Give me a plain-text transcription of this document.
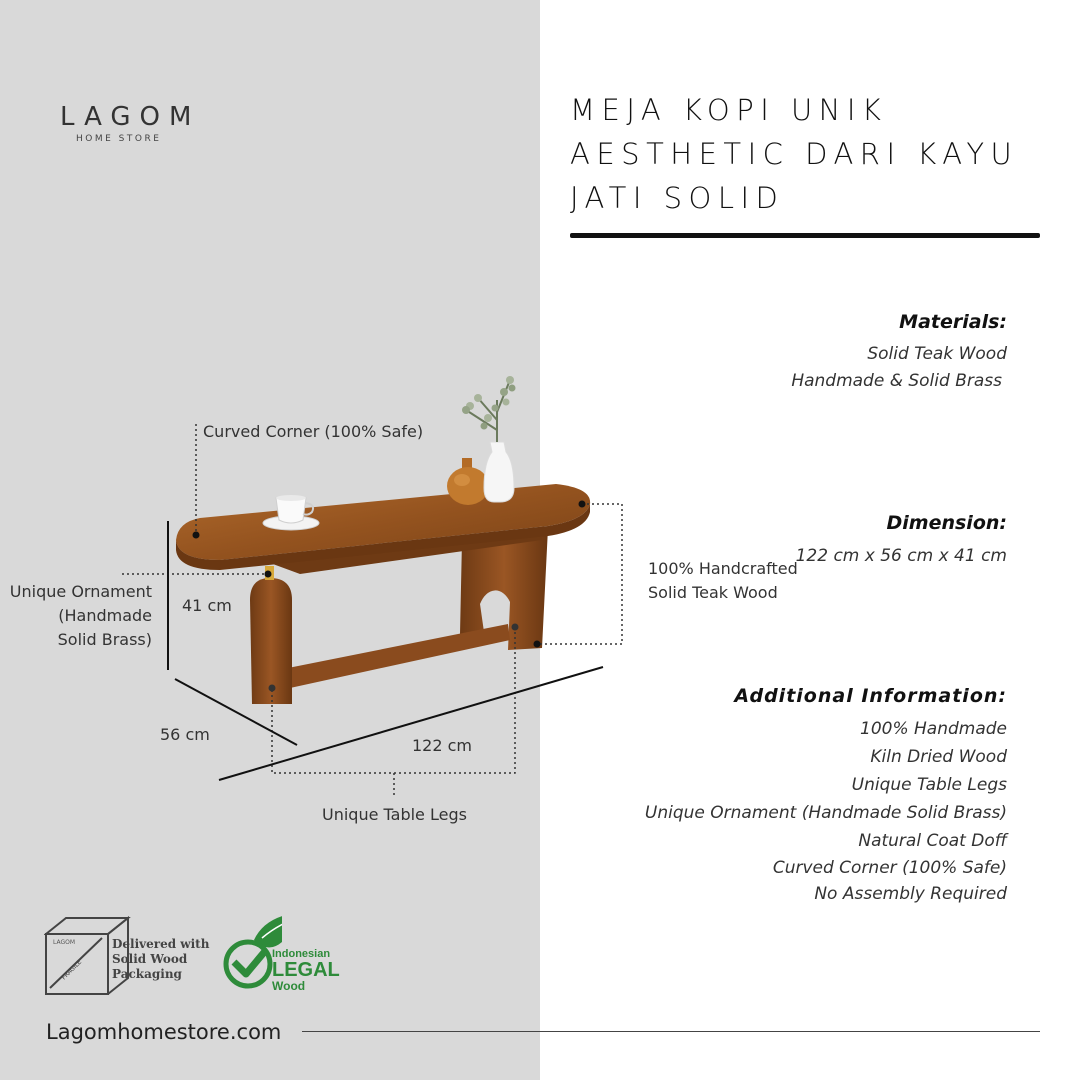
LAGOM
HOME STORE
MEJA KOPI UNIK
AESTHETIC DARI KAYU
JATI SOLID
Materials:
Solid Teak Wood
Handmade & Solid Brass
Dimension:
122 cm x 56 cm x 41 cm
Additional Information:
100% Handmade
Kiln Dried Wood
Unique Table Legs
Unique Ornament (Handmade Solid Brass)
Natural Coat Doff
Curved Corner (100% Safe)
No Assembly Required
Curved Corner (100% Safe)
Unique Ornament
(Handmade
Solid Brass)
41 cm
56 cm
122 cm
Unique Table Legs
100% Handcrafted
Solid Teak Wood
LAGOM
FRAGILE
Delivered with
Solid Wood
Packaging
Indonesian
LEGAL
Wood
Lagomhomestore.com
